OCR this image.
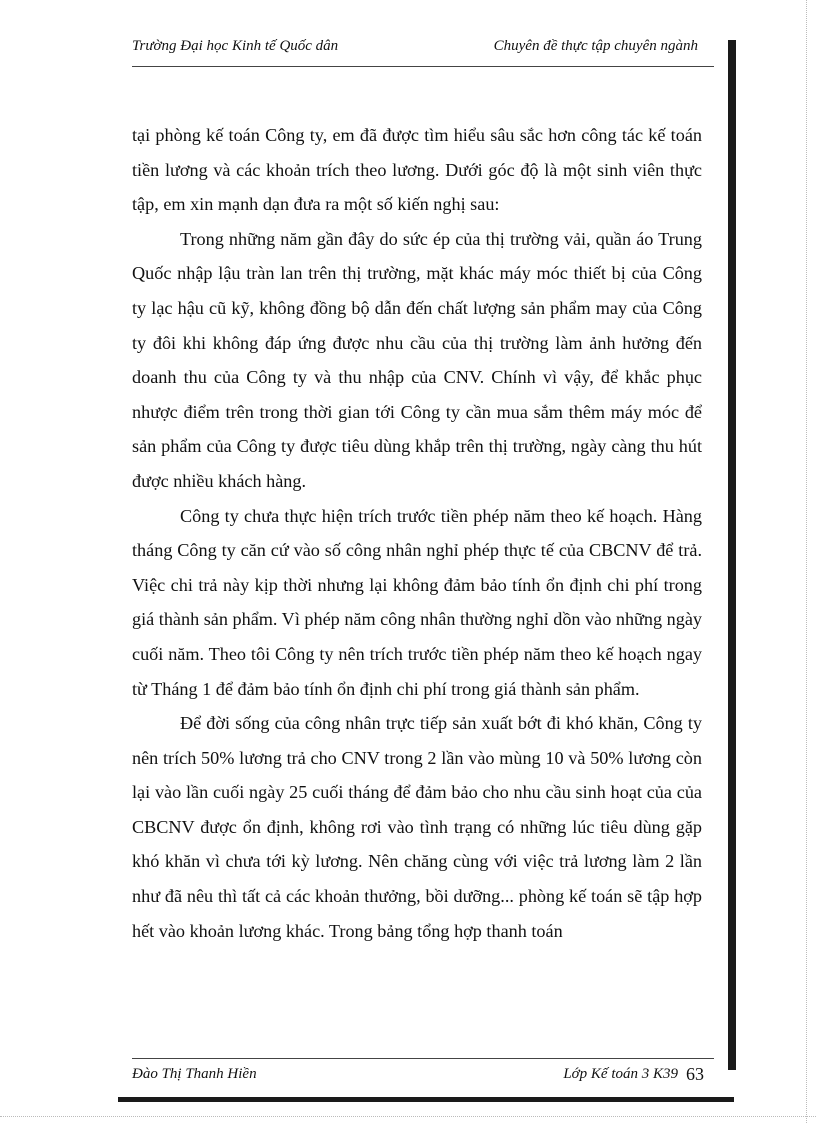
Trường Đại học Kinh tế Quốc dân	Chuyên đề thực tập chuyên ngành

tại phòng kế toán Công ty, em đã được tìm hiểu sâu sắc hơn công tác kế toán tiền lương và các khoản trích theo lương. Dưới góc độ là một sinh viên thực tập, em xin mạnh dạn đưa ra một số kiến nghị sau:

Trong những năm gần đây do sức ép của thị trường vải, quần áo Trung Quốc nhập lậu tràn lan trên thị trường, mặt khác máy móc thiết bị của Công ty lạc hậu cũ kỹ, không đồng bộ dẫn đến chất lượng sản phẩm may của Công ty đôi khi không đáp ứng được nhu cầu của thị trường làm ảnh hưởng đến doanh thu của Công ty và thu nhập của CNV. Chính vì vậy, để khắc phục nhược điểm trên trong thời gian tới Công ty cần mua sắm thêm máy móc để sản phẩm của Công ty được tiêu dùng khắp trên thị trường, ngày càng thu hút được nhiều khách hàng.

Công ty chưa thực hiện trích trước tiền phép năm theo kế hoạch. Hàng tháng Công ty căn cứ vào số công nhân nghỉ phép thực tế của CBCNV để trả. Việc chi trả này kịp thời nhưng lại không đảm bảo tính ổn định chi phí trong giá thành sản phẩm. Vì phép năm công nhân thường nghỉ dồn vào những ngày cuối năm. Theo tôi Công ty nên trích trước tiền phép năm theo kế hoạch ngay từ Tháng 1 để đảm bảo tính ổn định chi phí trong giá thành sản phẩm.

Để đời sống của công nhân trực tiếp sản xuất bớt đi khó khăn, Công ty nên trích 50% lương trả cho CNV trong 2 lần vào mùng 10 và 50% lương còn lại vào lần cuối ngày 25 cuối tháng để đảm bảo cho nhu cầu sinh hoạt của của CBCNV được ổn định, không rơi vào tình trạng có những lúc tiêu dùng gặp khó khăn vì chưa tới kỳ lương. Nên chăng cùng với việc trả lương làm 2 lần như đã nêu thì tất cả các khoản thưởng, bồi dưỡng... phòng kế toán sẽ tập hợp hết vào khoản lương khác. Trong bảng tổng hợp thanh toán

Đào Thị Thanh Hiền	Lớp Kế toán 3 K39 63
